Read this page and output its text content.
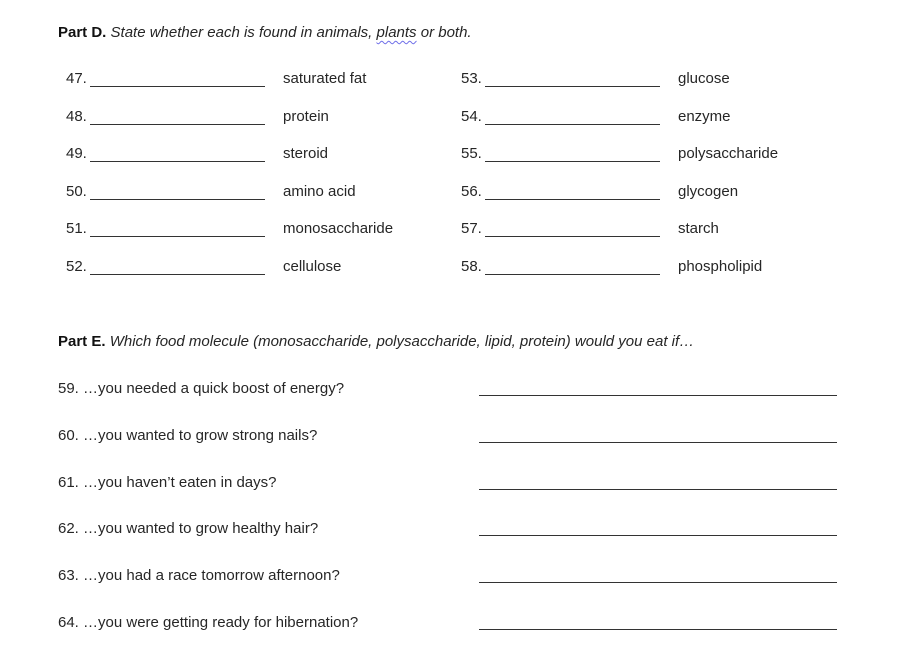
Part D. State whether each is found in animals, plants or both.
47.	saturated fat
48.	protein
49.	steroid
50.	amino acid
51.	monosaccharide
52.	cellulose
53.	glucose
54.	enzyme
55.	polysaccharide
56.	glycogen
57.	starch
58.	phospholipid
Part E. Which food molecule (monosaccharide, polysaccharide, lipid, protein) would you eat if…
59. …you needed a quick boost of energy?
60. …you wanted to grow strong nails?
61. …you haven’t eaten in days?
62. …you wanted to grow healthy hair?
63. …you had a race tomorrow afternoon?
64. …you were getting ready for hibernation?
